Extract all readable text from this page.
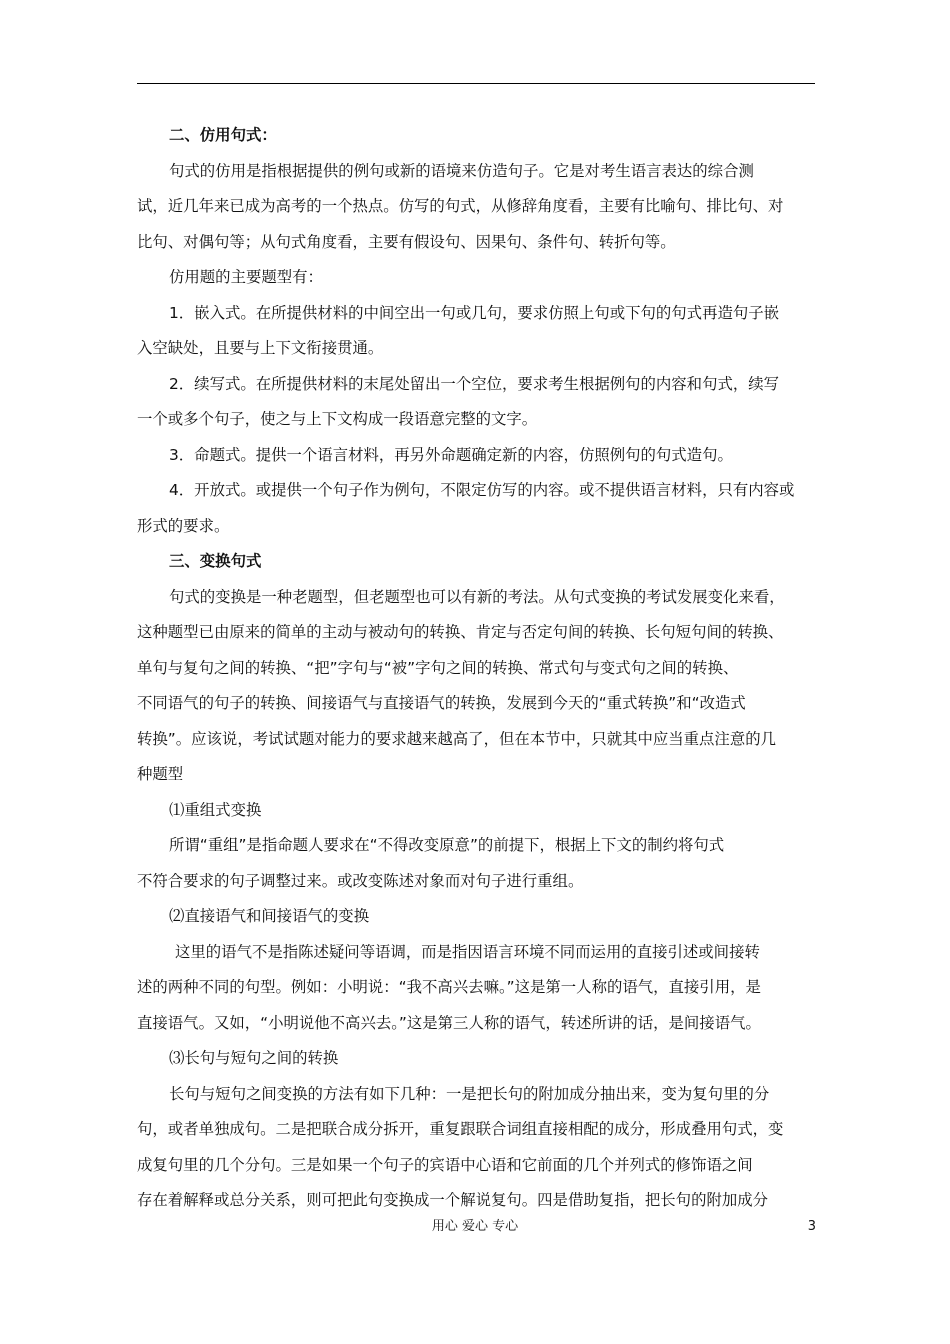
二、仿用句式：
句式的仿用是指根据提供的例句或新的语境来仿造句子。它是对考生语言表达的综合测
试，近几年来已成为高考的一个热点。仿写的句式，从修辞角度看，主要有比喻句、排比句、对
比句、对偶句等；从句式角度看，主要有假设句、因果句、条件句、转折句等。
仿用题的主要题型有：
1．嵌入式。在所提供材料的中间空出一句或几句，要求仿照上句或下句的句式再造句子嵌
入空缺处，且要与上下文衔接贯通。
2．续写式。在所提供材料的末尾处留出一个空位，要求考生根据例句的内容和句式，续写
一个或多个句子，使之与上下文构成一段语意完整的文字。
3．命题式。提供一个语言材料，再另外命题确定新的内容，仿照例句的句式造句。
4．开放式。或提供一个句子作为例句，不限定仿写的内容。或不提供语言材料，只有内容或
形式的要求。
三、变换句式
句式的变换是一种老题型，但老题型也可以有新的考法。从句式变换的考试发展变化来看，
这种题型已由原来的简单的主动与被动句的转换、肯定与否定句间的转换、长句短句间的转换、
单句与复句之间的转换、“把”字句与“被”字句之间的转换、常式句与变式句之间的转换、
不同语气的句子的转换、间接语气与直接语气的转换，发展到今天的“重式转换”和“改造式
转换”。应该说，考试试题对能力的要求越来越高了，但在本节中，只就其中应当重点注意的几
种题型
⑴重组式变换
所谓“重组”是指命题人要求在“不得改变原意”的前提下，根据上下文的制约将句式
不符合要求的句子调整过来。或改变陈述对象而对句子进行重组。
⑵直接语气和间接语气的变换
这里的语气不是指陈述疑问等语调，而是指因语言环境不同而运用的直接引述或间接转
述的两种不同的句型。例如：小明说：“我不高兴去嘛。”这是第一人称的语气，直接引用，是
直接语气。又如，“小明说他不高兴去。”这是第三人称的语气，转述所讲的话，是间接语气。
⑶长句与短句之间的转换
长句与短句之间变换的方法有如下几种：一是把长句的附加成分抽出来，变为复句里的分
句，或者单独成句。二是把联合成分拆开，重复跟联合词组直接相配的成分，形成叠用句式，变
成复句里的几个分句。三是如果一个句子的宾语中心语和它前面的几个并列式的修饰语之间
存在着解释或总分关系，则可把此句变换成一个解说复句。四是借助复指，把长句的附加成分
用心 爱心 专心	3
